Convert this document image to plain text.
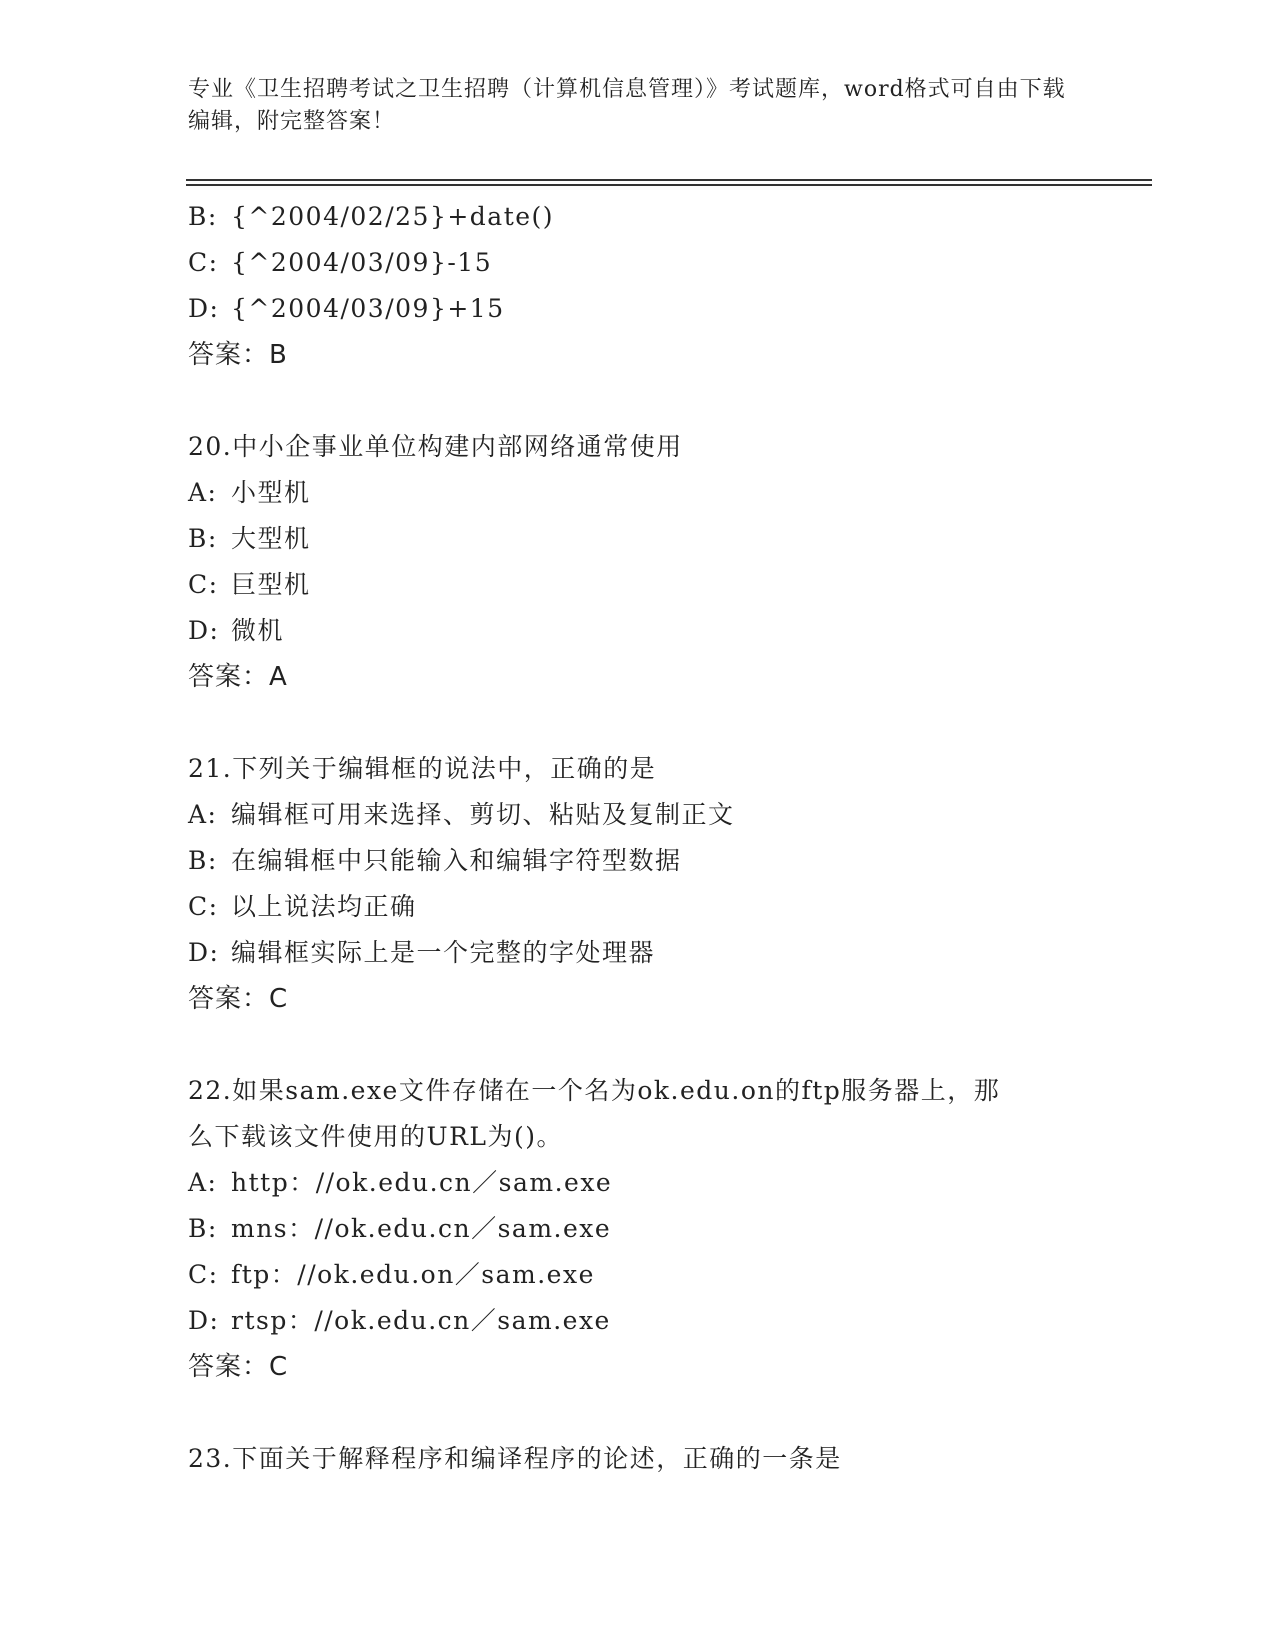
专业《卫生招聘考试之卫生招聘（计算机信息管理）》考试题库，word格式可自由下载编辑，附完整答案！
B: {^2004/02/25}+date()
C: {^2004/03/09}-15
D: {^2004/03/09}+15
答案：B
20.中小企事业单位构建内部网络通常使用
A: 小型机
B: 大型机
C: 巨型机
D: 微机
答案：A
21.下列关于编辑框的说法中，正确的是
A: 编辑框可用来选择、剪切、粘贴及复制正文
B: 在编辑框中只能输入和编辑字符型数据
C: 以上说法均正确
D: 编辑框实际上是一个完整的字处理器
答案：C
22.如果sam.exe文件存储在一个名为ok.edu.on的ftp服务器上，那
么下载该文件使用的URL为()。
A: http：//ok.edu.cn／sam.exe
B: mns：//ok.edu.cn／sam.exe
C: ftp：//ok.edu.on／sam.exe
D: rtsp：//ok.edu.cn／sam.exe
答案：C
23.下面关于解释程序和编译程序的论述，正确的一条是
